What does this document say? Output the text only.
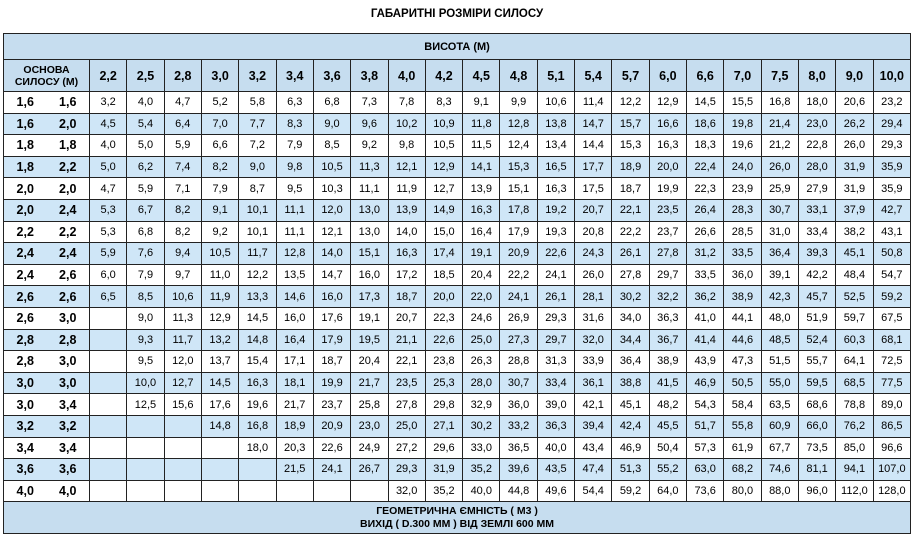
ГАБАРИТНІ РОЗМІРИ СИЛОСУ
ВИСОТА (М)																							
ОСНОВА СИЛОСУ (М)		2,2	2,5	2,8	3,0	3,2	3,4	3,6	3,8	4,0	4,2	4,5	4,8	5,1	5,4	5,7	6,0	6,6	7,0	7,5	8,0	9,0	10,0
1,6	1,6	3,2	4,0	4,7	5,2	5,8	6,3	6,8	7,3	7,8	8,3	9,1	9,9	10,6	11,4	12,2	12,9	14,5	15,5	16,8	18,0	20,6	23,2
1,6	2,0	4,5	5,4	6,4	7,0	7,7	8,3	9,0	9,6	10,2	10,9	11,8	12,8	13,8	14,7	15,7	16,6	18,6	19,8	21,4	23,0	26,2	29,4
1,8	1,8	4,0	5,0	5,9	6,6	7,2	7,9	8,5	9,2	9,8	10,5	11,5	12,4	13,4	14,4	15,3	16,3	18,3	19,6	21,2	22,8	26,0	29,3
1,8	2,2	5,0	6,2	7,4	8,2	9,0	9,8	10,5	11,3	12,1	12,9	14,1	15,3	16,5	17,7	18,9	20,0	22,4	24,0	26,0	28,0	31,9	35,9
2,0	2,0	4,7	5,9	7,1	7,9	8,7	9,5	10,3	11,1	11,9	12,7	13,9	15,1	16,3	17,5	18,7	19,9	22,3	23,9	25,9	27,9	31,9	35,9
2,0	2,4	5,3	6,7	8,2	9,1	10,1	11,1	12,0	13,0	13,9	14,9	16,3	17,8	19,2	20,7	22,1	23,5	26,4	28,3	30,7	33,1	37,9	42,7
2,2	2,2	5,3	6,8	8,2	9,2	10,1	11,1	12,1	13,0	14,0	15,0	16,4	17,9	19,3	20,8	22,2	23,7	26,6	28,5	31,0	33,4	38,2	43,1
2,4	2,4	5,9	7,6	9,4	10,5	11,7	12,8	14,0	15,1	16,3	17,4	19,1	20,9	22,6	24,3	26,1	27,8	31,2	33,5	36,4	39,3	45,1	50,8
2,4	2,6	6,0	7,9	9,7	11,0	12,2	13,5	14,7	16,0	17,2	18,5	20,4	22,2	24,1	26,0	27,8	29,7	33,5	36,0	39,1	42,2	48,4	54,7
2,6	2,6	6,5	8,5	10,6	11,9	13,3	14,6	16,0	17,3	18,7	20,0	22,0	24,1	26,1	28,1	30,2	32,2	36,2	38,9	42,3	45,7	52,5	59,2
2,6	3,0		9,0	11,3	12,9	14,5	16,0	17,6	19,1	20,7	22,3	24,6	26,9	29,3	31,6	34,0	36,3	41,0	44,1	48,0	51,9	59,7	67,5
2,8	2,8		9,3	11,7	13,2	14,8	16,4	17,9	19,5	21,1	22,6	25,0	27,3	29,7	32,0	34,4	36,7	41,4	44,6	48,5	52,4	60,3	68,1
2,8	3,0		9,5	12,0	13,7	15,4	17,1	18,7	20,4	22,1	23,8	26,3	28,8	31,3	33,9	36,4	38,9	43,9	47,3	51,5	55,7	64,1	72,5
3,0	3,0		10,0	12,7	14,5	16,3	18,1	19,9	21,7	23,5	25,3	28,0	30,7	33,4	36,1	38,8	41,5	46,9	50,5	55,0	59,5	68,5	77,5
3,0	3,4		12,5	15,6	17,6	19,6	21,7	23,7	25,8	27,8	29,8	32,9	36,0	39,0	42,1	45,1	48,2	54,3	58,4	63,5	68,6	78,8	89,0
3,2	3,2				14,8	16,8	18,9	20,9	23,0	25,0	27,1	30,2	33,2	36,3	39,4	42,4	45,5	51,7	55,8	60,9	66,0	76,2	86,5
3,4	3,4					18,0	20,3	22,6	24,9	27,2	29,6	33,0	36,5	40,0	43,4	46,9	50,4	57,3	61,9	67,7	73,5	85,0	96,6
3,6	3,6						21,5	24,1	26,7	29,3	31,9	35,2	39,6	43,5	47,4	51,3	55,2	63,0	68,2	74,6	81,1	94,1	107,0
4,0	4,0									32,0	35,2	40,0	44,8	49,6	54,4	59,2	64,0	73,6	80,0	88,0	96,0	112,0	128,0

ГЕОМЕТРИЧНА ЄМНІСТЬ ( М3 )
ВИХІД ( D.300 ММ ) ВІД ЗЕМЛІ 600 ММ																							
